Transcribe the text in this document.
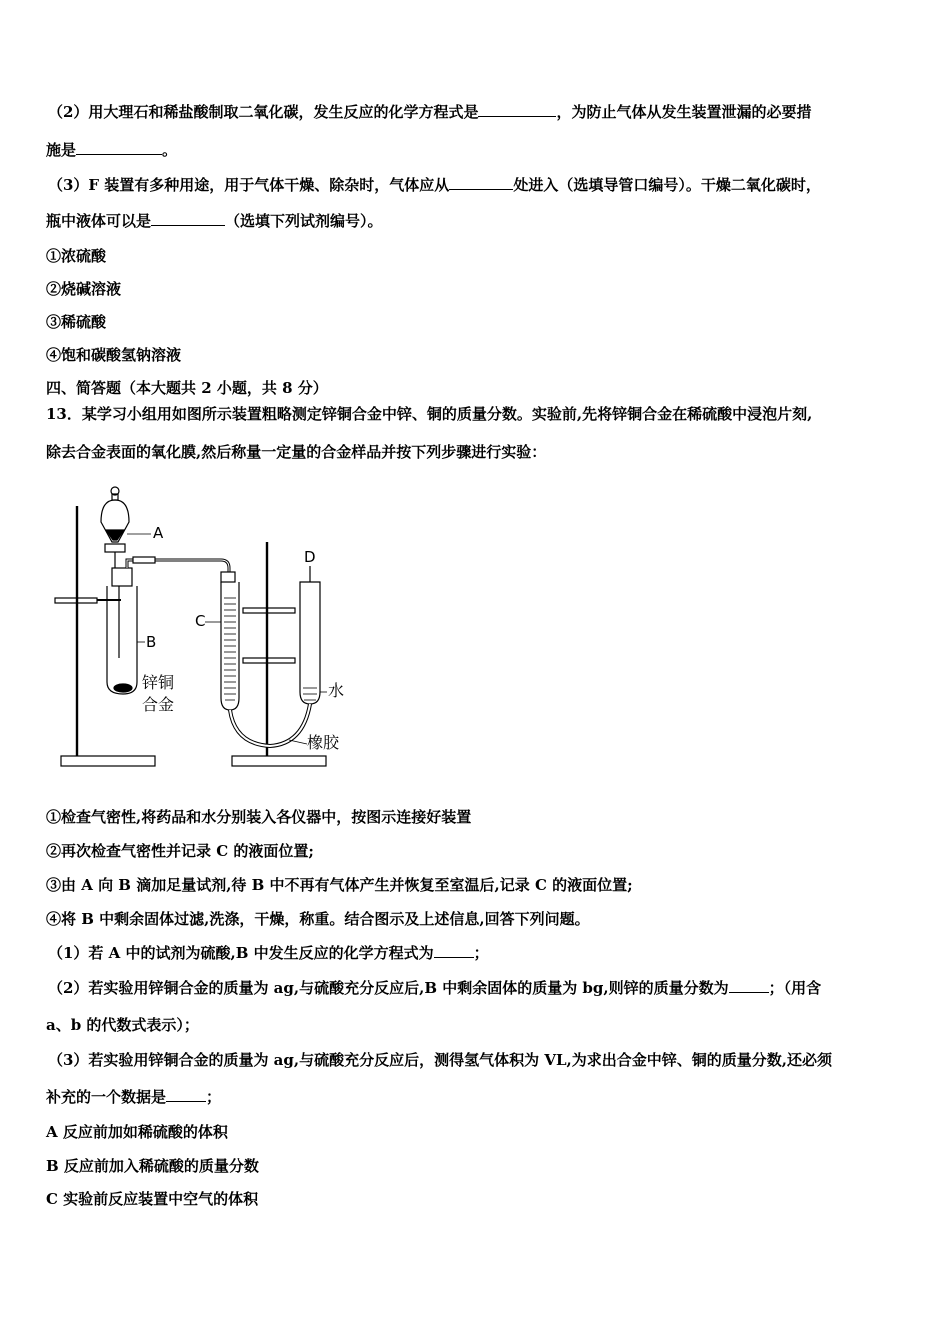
（2）用大理石和稀盐酸制取二氧化碳，发生反应的化学方程式是	，为防止气体从发生装置泄漏的必要措
施是	。
（3）F 装置有多种用途，用于气体干燥、除杂时，气体应从	处进入（选填导管口编号）。干燥二氧化碳时，
瓶中液体可以是	（选填下列试剂编号）。
①浓硫酸
②烧碱溶液
③稀硫酸
④饱和碳酸氢钠溶液
四、简答题（本大题共 2 小题，共 8 分）
13．某学习小组用如图所示装置粗略测定锌铜合金中锌、铜的质量分数。实验前,先将锌铜合金在稀硫酸中浸泡片刻,
除去合金表面的氧化膜,然后称量一定量的合金样品并按下列步骤进行实验：
A
B
C
D
锌铜
合金
水
橡胶
①检查气密性,将药品和水分别装入各仪器中，按图示连接好装置
②再次检查气密性并记录 C 的液面位置;
③由 A 向 B 滴加足量试剂,待 B 中不再有气体产生并恢复至室温后,记录 C 的液面位置;
④将 B 中剩余固体过滤,洗涤，干燥，称重。结合图示及上述信息,回答下列问题。
（1）若 A 中的试剂为硫酸,B 中发生反应的化学方程式为	；
（2）若实验用锌铜合金的质量为 ag,与硫酸充分反应后,B 中剩余固体的质量为 bg,则锌的质量分数为	；（用含
a、b 的代数式表示）；
（3）若实验用锌铜合金的质量为 ag,与硫酸充分反应后，测得氢气体积为 VL,为求出合金中锌、铜的质量分数,还必须
补充的一个数据是	；
A 反应前加如稀硫酸的体积
B 反应前加入稀硫酸的质量分数
C 实验前反应装置中空气的体积
